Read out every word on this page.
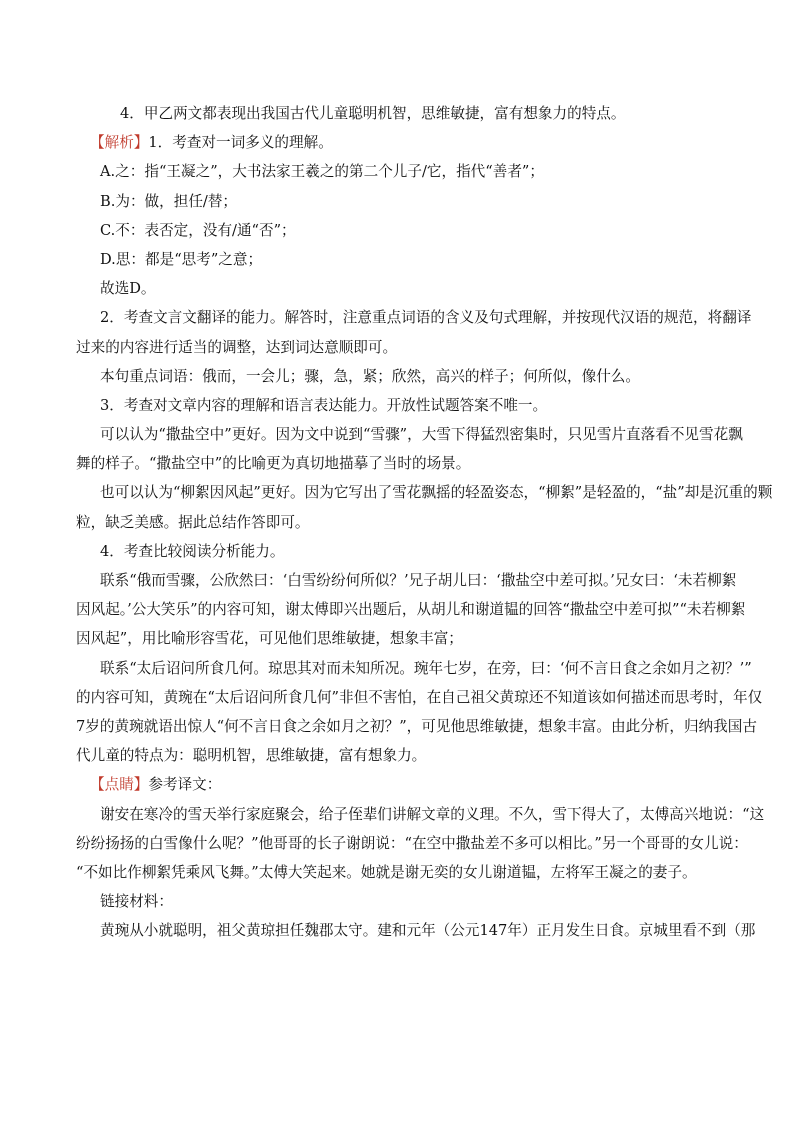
4．甲乙两文都表现出我国古代儿童聪明机智，思维敏捷，富有想象力的特点。
【解析】1．考查对一词多义的理解。
A.之：指“王凝之”，大书法家王羲之的第二个儿子/它，指代“善者”；
B.为：做，担任/替；
C.不：表否定，没有/通“否”；
D.思：都是“思考”之意；
故选D。
2．考查文言文翻译的能力。解答时，注意重点词语的含义及句式理解，并按现代汉语的规范，将翻译
过来的内容进行适当的调整，达到词达意顺即可。
本句重点词语：俄而，一会儿；骤，急，紧；欣然，高兴的样子；何所似，像什么。
3．考查对文章内容的理解和语言表达能力。开放性试题答案不唯一。
可以认为“撒盐空中”更好。因为文中说到“雪骤”，大雪下得猛烈密集时，只见雪片直落看不见雪花飘
舞的样子。“撒盐空中”的比喻更为真切地描摹了当时的场景。
也可以认为“柳絮因风起”更好。因为它写出了雪花飘摇的轻盈姿态，“柳絮”是轻盈的，“盐”却是沉重的颗
粒，缺乏美感。据此总结作答即可。
4．考查比较阅读分析能力。
联系“俄而雪骤，公欣然曰：‘白雪纷纷何所似？’兄子胡儿曰：‘撒盐空中差可拟。’兄女曰：‘未若柳絮
因风起。’公大笑乐”的内容可知，谢太傅即兴出题后，从胡儿和谢道韫的回答“撒盐空中差可拟”“未若柳絮
因风起”，用比喻形容雪花，可见他们思维敏捷，想象丰富；
联系“太后诏问所食几何。琼思其对而未知所况。琬年七岁，在旁，曰：‘何不言日食之余如月之初？’”
的内容可知，黄琬在“太后诏问所食几何”非但不害怕，在自己祖父黄琼还不知道该如何描述而思考时，年仅
7岁的黄琬就语出惊人“何不言日食之余如月之初？”，可见他思维敏捷，想象丰富。由此分析，归纳我国古
代儿童的特点为：聪明机智，思维敏捷，富有想象力。
【点睛】参考译文：
谢安在寒冷的雪天举行家庭聚会，给子侄辈们讲解文章的义理。不久，雪下得大了，太傅高兴地说：“这
纷纷扬扬的白雪像什么呢？”他哥哥的长子谢朗说：“在空中撒盐差不多可以相比。”另一个哥哥的女儿说：
“不如比作柳絮凭乘风飞舞。”太傅大笑起来。她就是谢无奕的女儿谢道韫，左将军王凝之的妻子。
链接材料：
黄琬从小就聪明，祖父黄琼担任魏郡太守。建和元年（公元147年）正月发生日食。京城里看不到（那
